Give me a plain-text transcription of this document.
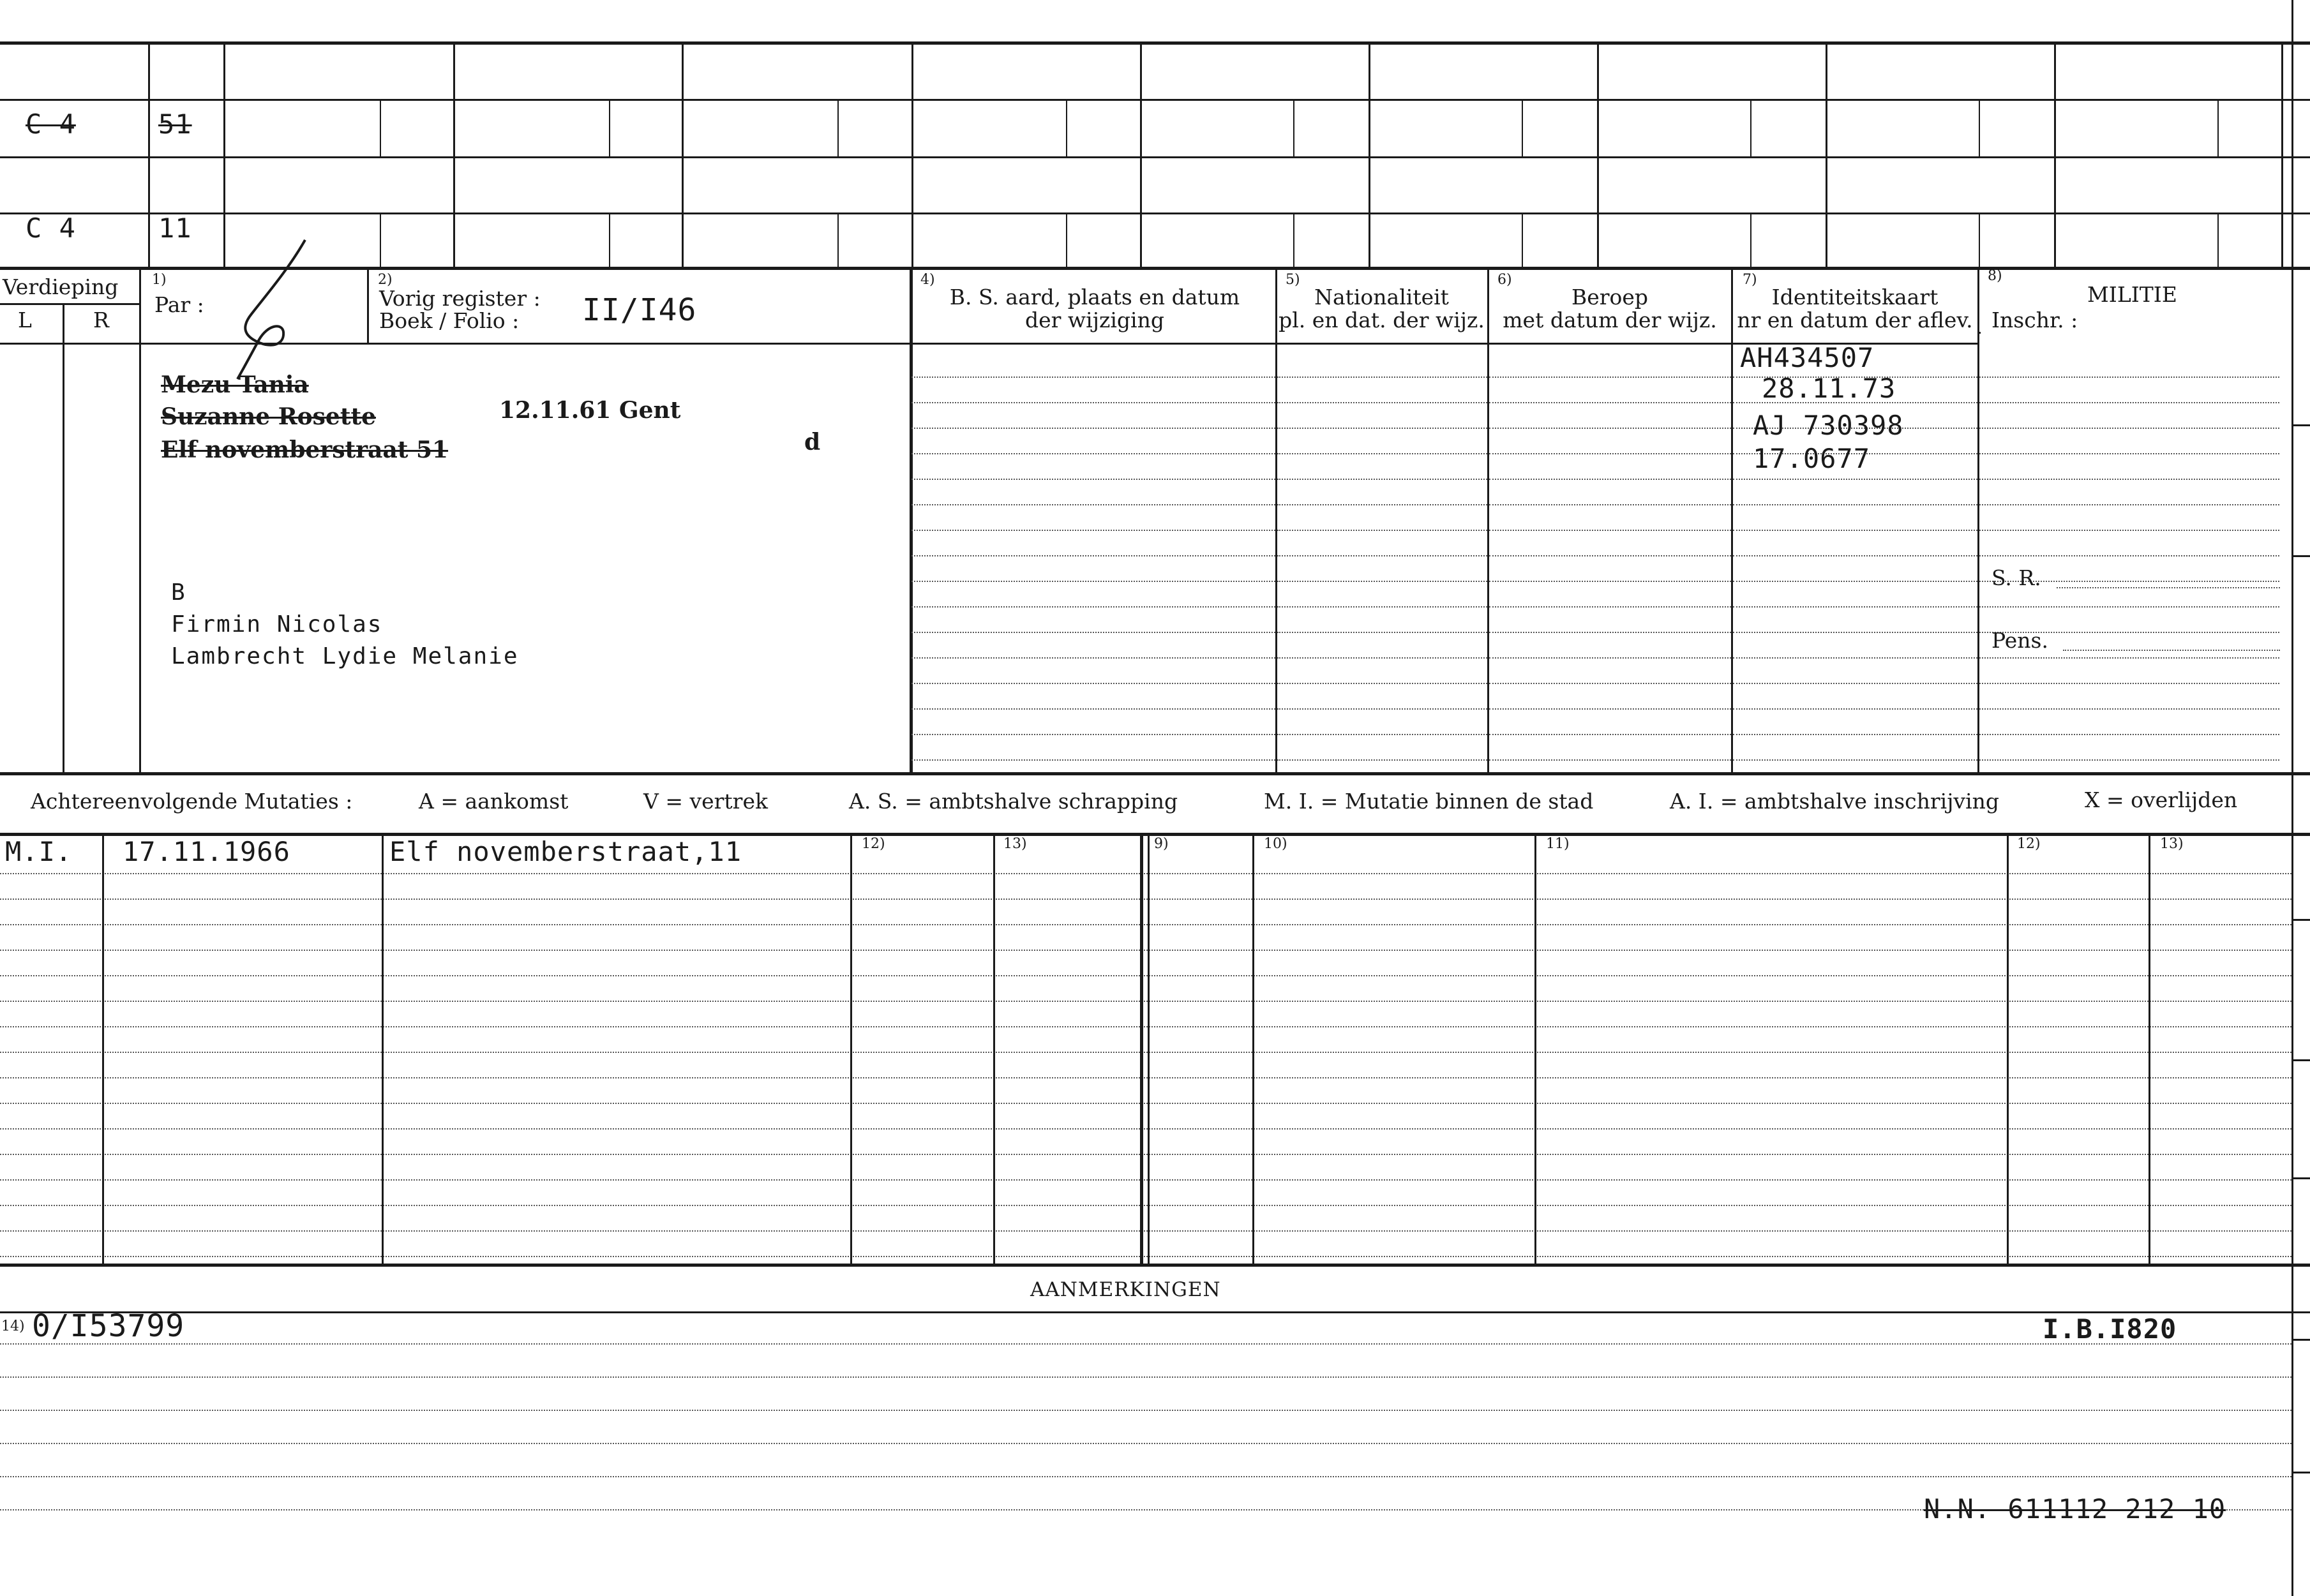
C 4	51
C 4	11
Verdieping
L	R
1)
Par :
2)
Vorig register :
Boek / Folio : II/I46
4)
B. S. aard, plaats en datum
der wijziging
5)
Nationaliteit
pl. en dat. der wijz.
6)
Beroep
met datum der wijz.
7)
Identiteitskaart
nr en datum der aflev.
8)
MILITIE
Inschr. :
Mezu Tania
Suzanne Rosette	12.11.61 Gent
Elf novemberstraat 51	d
B
Firmin Nicolas
Lambrecht Lydie Melanie
AH434507
28.11.73
AJ 730398
17.0677
S. R.
Pens.
Achtereenvolgende Mutaties :	A = aankomst	V = vertrek	A. S. = ambtshalve schrapping	M. I. = Mutatie binnen de stad	A. I. = ambtshalve inschrijving	X = overlijden
12)	13)	9)	10)	11)	12)	13)
M.I. 17.11.1966	Elf novemberstraat,11
AANMERKINGEN
14) 0/I53799	I.B.I820
N.N. 611112 212 10
